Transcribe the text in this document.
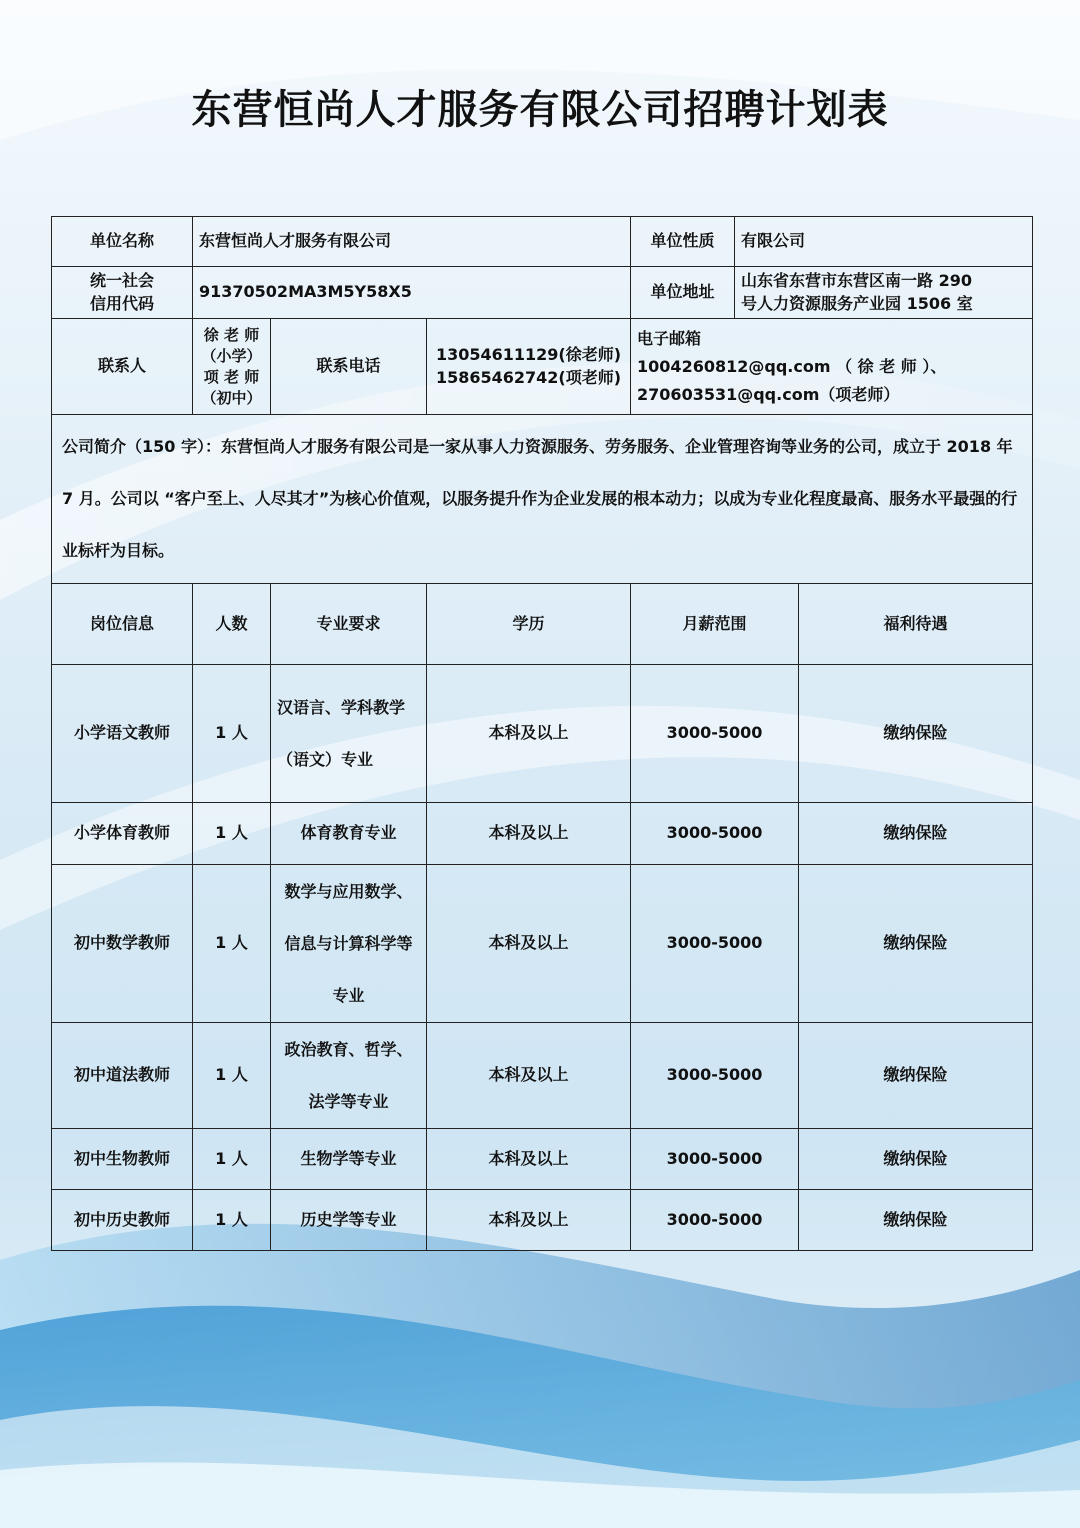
东营恒尚人才服务有限公司招聘计划表
单位名称	东营恒尚人才服务有限公司			单位性质	有限公司	

统一社会
信用代码	91370502MA3M5Y58X5			单位地址	山东省东营市东营区南一路 290
号人力资源服务产业园 1506 室	

联系人	徐 老 师
（小学）
项 老 师
（初中）	联系电话	13054611129(徐老师)
15865462742(项老师)	电子邮箱
1004260812@qq.com （ 徐 老 师 ）、
270603531@qq.com（项老师）		

公司简介（150 字）：东营恒尚人才服务有限公司是一家从事人力资源服务、劳务服务、企业管理咨询等业务的公司，成立于 2018 年 7 月。公司以 “客户至上、人尽其才”为核心价值观，以服务提升作为企业发展的根本动力；以成为专业化程度最高、服务水平最强的行业标杆为目标。						
岗位信息	人数	专业要求	学历	月薪范围		福利待遇
小学语文教师	1 人	汉语言、学科教学（语文）专业	本科及以上	3000-5000		缴纳保险
小学体育教师	1 人	体育教育专业	本科及以上	3000-5000		缴纳保险
初中数学教师	1 人	数学与应用数学、信息与计算科学等专业	本科及以上	3000-5000		缴纳保险
初中道法教师	1 人	政治教育、哲学、法学等专业	本科及以上	3000-5000		缴纳保险
初中生物教师	1 人	生物学等专业	本科及以上	3000-5000		缴纳保险
初中历史教师	1 人	历史学等专业	本科及以上	3000-5000		缴纳保险
